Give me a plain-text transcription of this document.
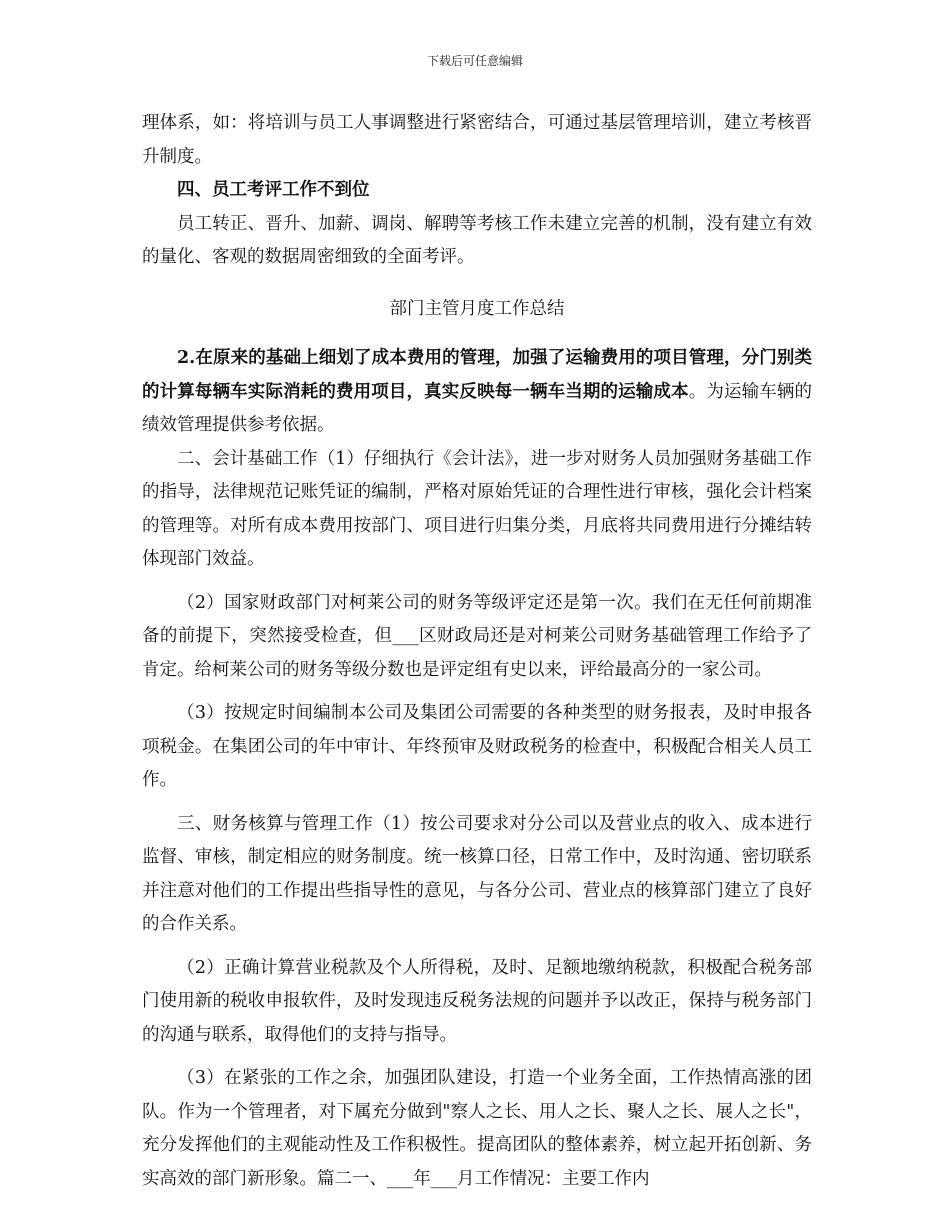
下载后可任意编辑

理体系，如：将培训与员工人事调整进行紧密结合，可通过基层管理培训，建立考核晋升制度。

四、员工考评工作不到位

员工转正、晋升、加薪、调岗、解聘等考核工作未建立完善的机制，没有建立有效的量化、客观的数据周密细致的全面考评。

部门主管月度工作总结

2.在原来的基础上细划了成本费用的管理，加强了运输费用的项目管理，分门别类的计算每辆车实际消耗的费用项目，真实反映每一辆车当期的运输成本。为运输车辆的绩效管理提供参考依据。

二、会计基础工作（1）仔细执行《会计法》，进一步对财务人员加强财务基础工作的指导，法律规范记账凭证的编制，严格对原始凭证的合理性进行审核，强化会计档案的管理等。对所有成本费用按部门、项目进行归集分类，月底将共同费用进行分摊结转体现部门效益。

（2）国家财政部门对柯莱公司的财务等级评定还是第一次。我们在无任何前期准备的前提下，突然接受检查，但___区财政局还是对柯莱公司财务基础管理工作给予了肯定。给柯莱公司的财务等级分数也是评定组有史以来，评给最高分的一家公司。

（3）按规定时间编制本公司及集团公司需要的各种类型的财务报表，及时申报各项税金。在集团公司的年中审计、年终预审及财政税务的检查中，积极配合相关人员工作。

三、财务核算与管理工作（1）按公司要求对分公司以及营业点的收入、成本进行监督、审核，制定相应的财务制度。统一核算口径，日常工作中，及时沟通、密切联系并注意对他们的工作提出些指导性的意见，与各分公司、营业点的核算部门建立了良好的合作关系。

（2）正确计算营业税款及个人所得税，及时、足额地缴纳税款，积极配合税务部门使用新的税收申报软件，及时发现违反税务法规的问题并予以改正，保持与税务部门的沟通与联系，取得他们的支持与指导。

（3）在紧张的工作之余，加强团队建设，打造一个业务全面，工作热情高涨的团队。作为一个管理者，对下属充分做到"察人之长、用人之长、聚人之长、展人之长"，充分发挥他们的主观能动性及工作积极性。提高团队的整体素养，树立起开拓创新、务实高效的部门新形象。篇二一、___年___月工作情况：主要工作内
